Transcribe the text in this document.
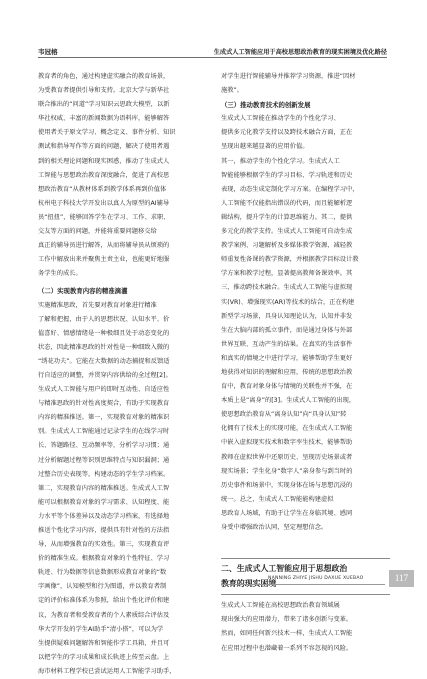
韦冠榕	生成式人工智能应用于高校思想政治教育的现实困境及优化路径

教育者的角色，通过构建虚实融合的教育场景，

为受教育者提供引导和支持。北京大学与新华社

联合推出的“问道”学习知识云思政大模型，以新

华社权威、丰富的新闻数据为语料库，能够解答

使用者关于原文学习、概念定义、事件分析、知识

测试和指导写作等方面的问题，解决了使用者遇

到的相关理论问题和现实困惑，推动了生成式人

工智能与思想政治教育深度融合，促进了高校思

想政治教育“从教材体系到教学体系再到价值体

杭州电子科技大学开发出以真人为原型的AI辅导

员“扭扭”，能够回答学生在学习、工作、求职、

交友等方面的问题，并能将重要问题移交给

真正的辅导员进行解答，从而将辅导员从烦琐的

工作中解放出来并聚焦主责主业，也能更好地服

务学生的成长。

（二）实现教育内容的精准滴灌

实施精准思政，首先要对教育对象进行精准

了解和把握，由于人的思想状况、认知水平、价

值喜好、情感情绪是一种极细且处于动态变化的

状态，因此精准思政的针对性是一种细致入微的

“绣花功夫”。它能在大数据的动态捕捉和反馈适

行自适应的调整，并贯穿内容供给的全过程[2]。

生成式人工智能与用户的即时互动性、自适应性

与精准思政的针对性高度契合，有助于实现教育

内容的精准推送。第一，实现教育对象的精准识

别。生成式人工智能通过记录学生的在线学习时

长、答题路径、互动频率等，分析学习习惯；通

过分析解题过程等识别思维特点与知识漏洞；通

过整合历史表现等，构建动态的学生学习档案。

第二，实现教育内容的精准推送。生成式人工智

能可以根据教育对象的学习需求、认知程度、能

力水平等个体差异以及动态学习档案，有选择地

推送个性化学习内容，提供具有针对性的方法指

导，从而增强教育的实效性。第三，实现教育评

价的精准生成。根据教育对象的个性特征、学习

轨迹、行为数据等信息数据形成教育对象的“数

字画像”，认知模型和行为图谱，并以教育者制

定的评价标准体系为参照，给出个性化评价和建

议，为教育者和受教育者的个人素质综合评估及

华大学开发的学生AI助手“清小搭”，可以为学

生提供疑难问题解答和智能作学工具箱，并且可

以把学生的学习成果和成长轨迹上传至云盘。上

海市材料工程学校已尝试运用人工智能学习助手，

对学生进行智能辅导并推荐学习资源，推进“因材

施教”。

（三）推动教育技术的创新发展

生成式人工智能在推动学生的个性化学习、

提供多元化教学支持以及跨技术融合方面，正在

呈现出越来越显著的应用价值。

其一，推动学生的个性化学习。生成式人工

智能能够根据学生的学习目标、学习轨迹和历史

表现，动态生成定制化学习方案。在编程学习中，

人工智能不仅能指出错误的代码，而且能解析逻

辑结构，提升学生的计算思维能力。其二，提供

多元化的教学支持。生成式人工智能可自动生成

教学案例、习题解析及多媒体教学资源，减轻教

师重复性备课的教学资源，并根据教学目标设计教

学方案和教学过程，显著提高教师备课效率。其

三，推动跨技术融合。生成式人工智能与虚拟现

实(VR)、增强现实(AR)等技术的结合，正在构建

新型学习场景，具身认知理论认为，认知并非发

生在大脑内部的孤立事件，而是通过身体与外部

世界互联、互动产生的结果。在真实的生活事件

和真实的情境之中进行学习，能够帮助学生更好

地获得对知识的理解和应用，传统的思想政治教

育中，教育对象身体与情境的关联性并不强，在

本质上是“离身”的[3]。生成式人工智能的出现，

使思想政治教育从“离身认知”向“具身认知”转

化拥有了技术上的实现可能，在生成式人工智能

中嵌入虚拟现实技术和数字孪生技术，能够帮助

教师在虚拟世界中还原历史、呈现历史场景或者

现实场景；学生化身“数字人”亲身参与到当时的

历史事件和场景中，实现身体在场与思想沉浸的

统一。总之，生成式人工智能能构建虚拟

思政育人场域，有助于让学生在身临其境、感同

身受中增强政治认同，坚定理想信念。

二、生成式人工智能应用于思想政治
教育的现实困境

生成式人工智能在高校思想政治教育领域展

现出强大的应用潜力，带来了诸多创新与变革。

然而，如同任何新兴技术一样，生成式人工智能

在应用过程中也潜藏着一系列不容忽视的风险。

NANNING ZHIYE JISHU DAXUE XUEBAO	117
